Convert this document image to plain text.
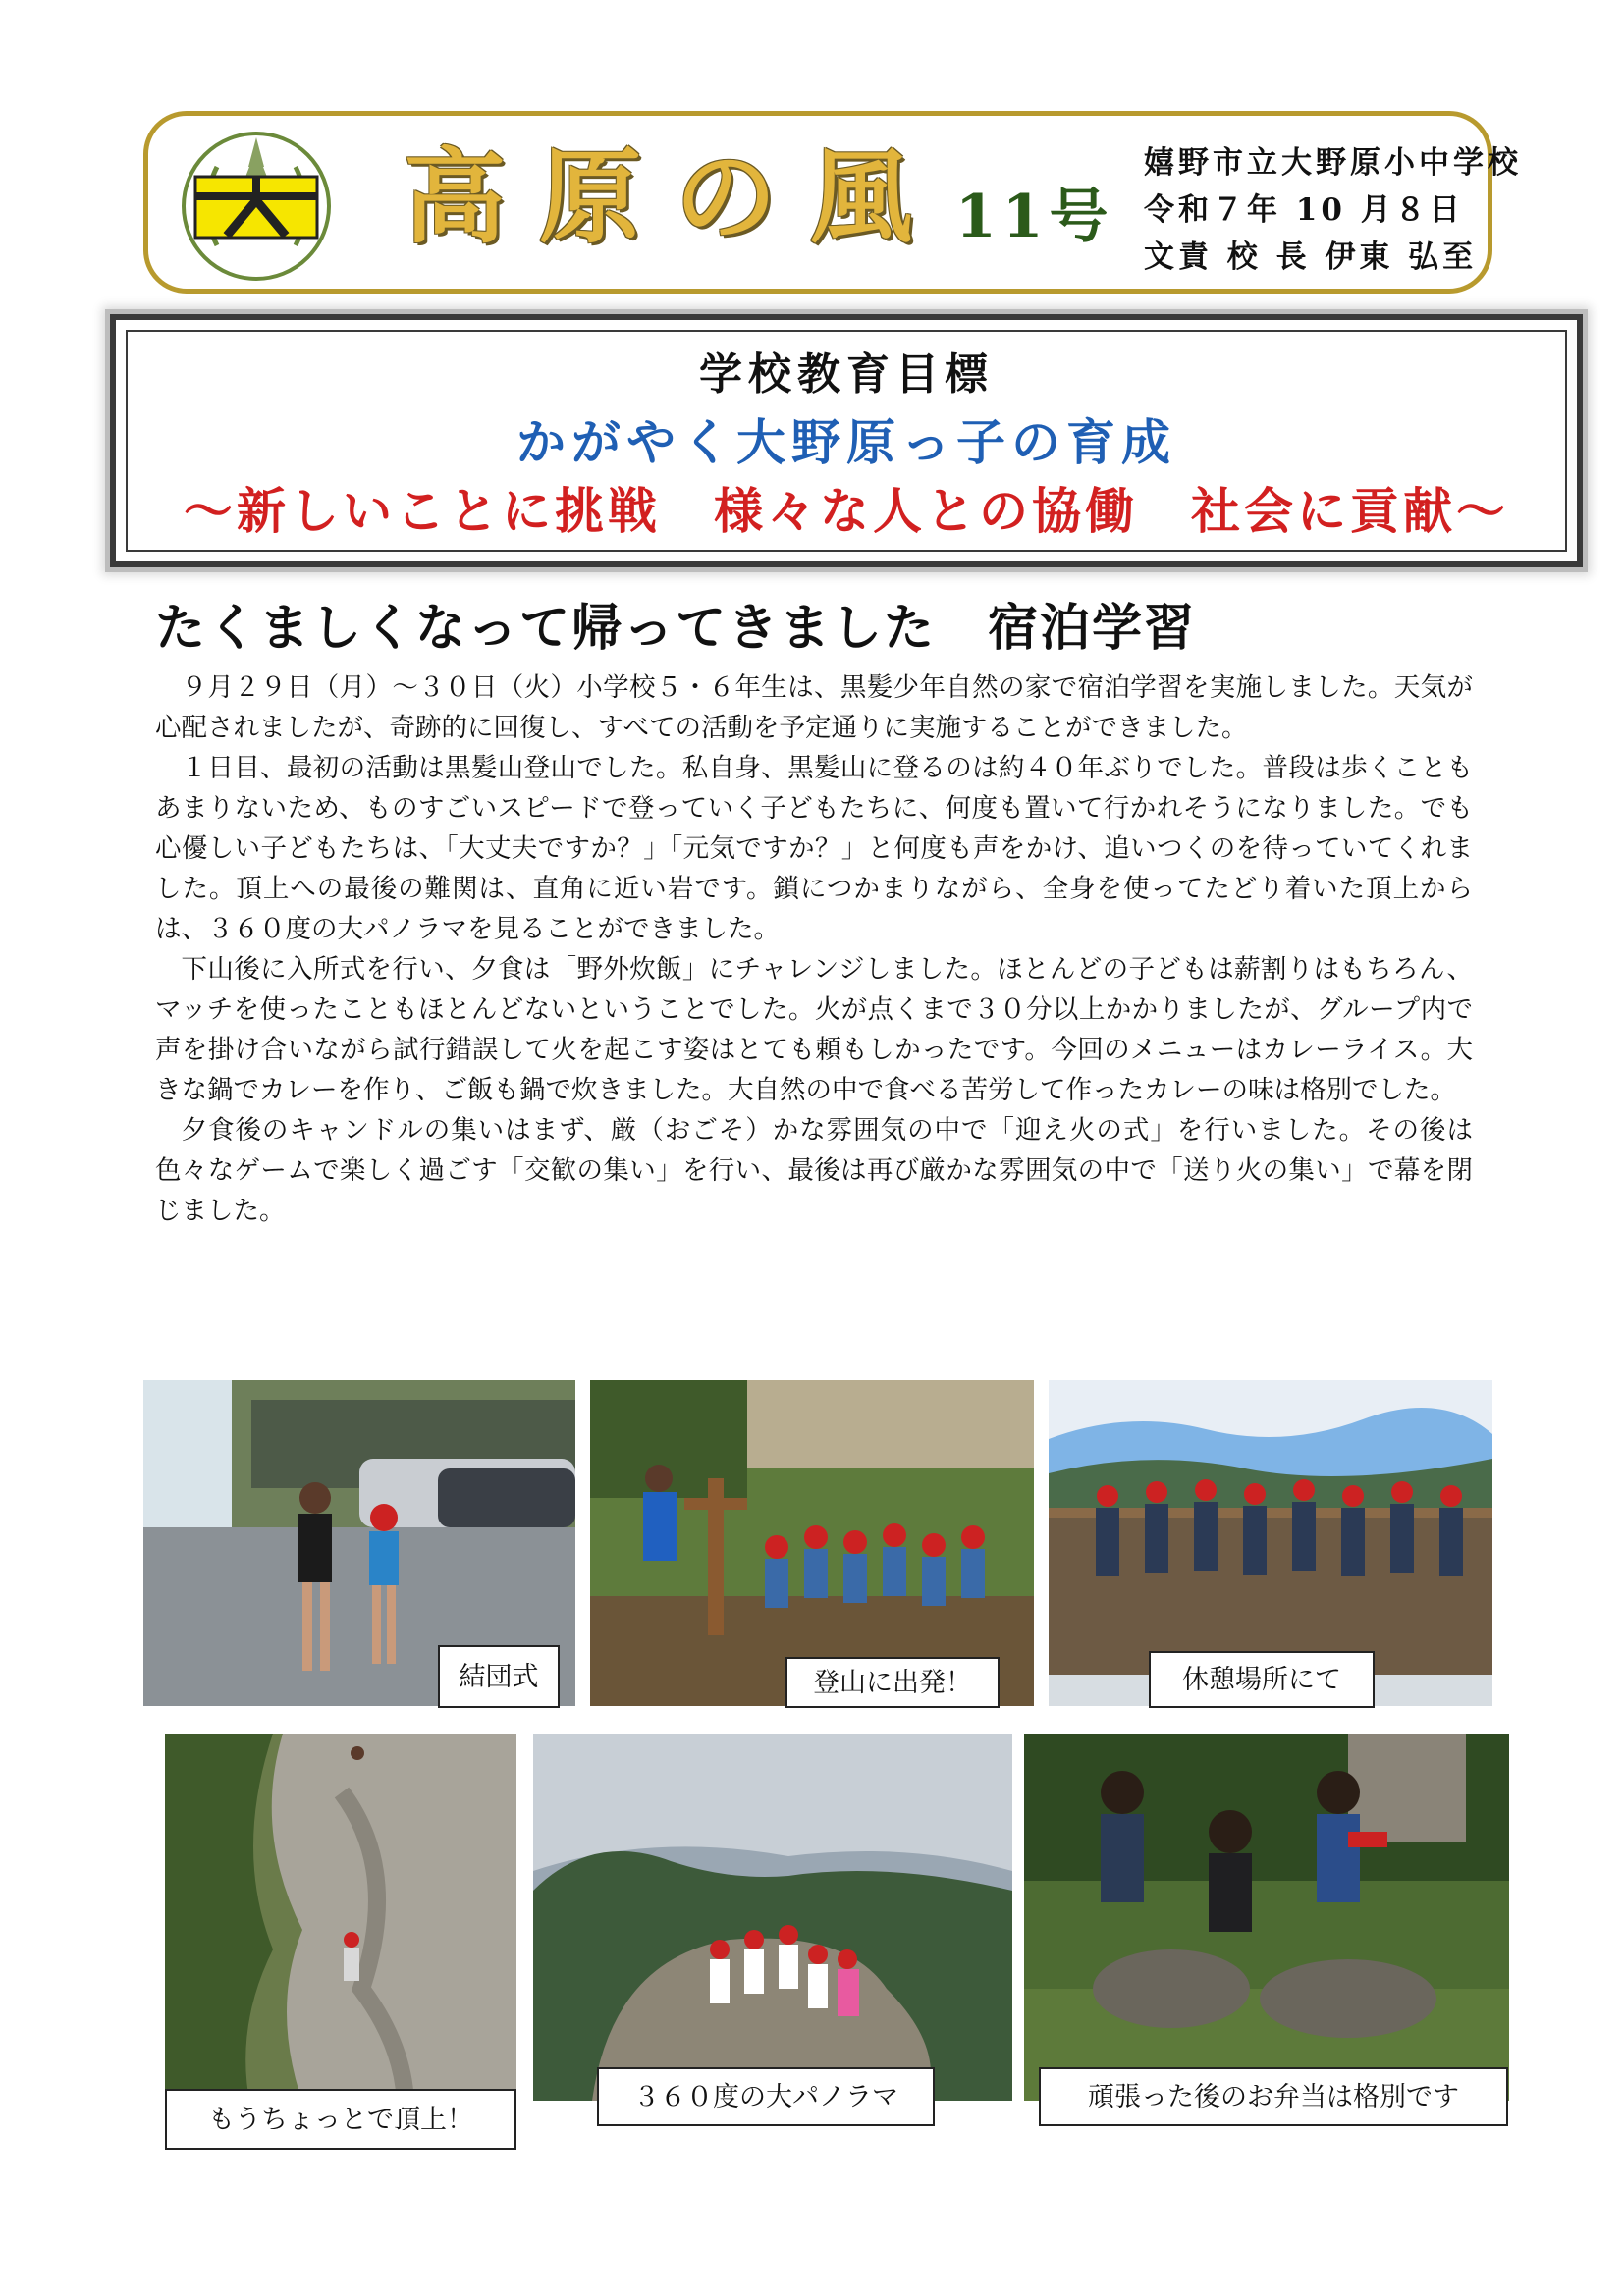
高原の風 11号
嬉野市立大野原小中学校
令和７年 10 月８日
文責 校 長 伊東 弘至
学校教育目標
かがやく大野原っ子の育成
～新しいことに挑戦　様々な人との協働　社会に貢献～
たくましくなって帰ってきました　宿泊学習

９月２９日（月）～３０日（火）小学校５・６年生は、黒髪少年自然の家で宿泊学習を実施しました。天気が心配されましたが、奇跡的に回復し、すべての活動を予定通りに実施することができました。

１日目、最初の活動は黒髪山登山でした。私自身、黒髪山に登るのは約４０年ぶりでした。普段は歩くこともあまりないため、ものすごいスピードで登っていく子どもたちに、何度も置いて行かれそうになりました。でも心優しい子どもたちは、「大丈夫ですか？」「元気ですか？」と何度も声をかけ、追いつくのを待っていてくれました。頂上への最後の難関は、直角に近い岩です。鎖につかまりながら、全身を使ってたどり着いた頂上からは、３６０度の大パノラマを見ることができました。

下山後に入所式を行い、夕食は「野外炊飯」にチャレンジしました。ほとんどの子どもは薪割りはもちろん、マッチを使ったこともほとんどないということでした。火が点くまで３０分以上かかりましたが、グループ内で声を掛け合いながら試行錯誤して火を起こす姿はとても頼もしかったです。今回のメニューはカレーライス。大きな鍋でカレーを作り、ご飯も鍋で炊きました。大自然の中で食べる苦労して作ったカレーの味は格別でした。

夕食後のキャンドルの集いはまず、厳（おごそ）かな雰囲気の中で「迎え火の式」を行いました。その後は色々なゲームで楽しく過ごす「交歓の集い」を行い、最後は再び厳かな雰囲気の中で「送り火の集い」で幕を閉じました。

結団式	登山に出発！	休憩場所にて
もうちょっとで頂上！
３６０度の大パノラマ	頑張った後のお弁当は格別です
